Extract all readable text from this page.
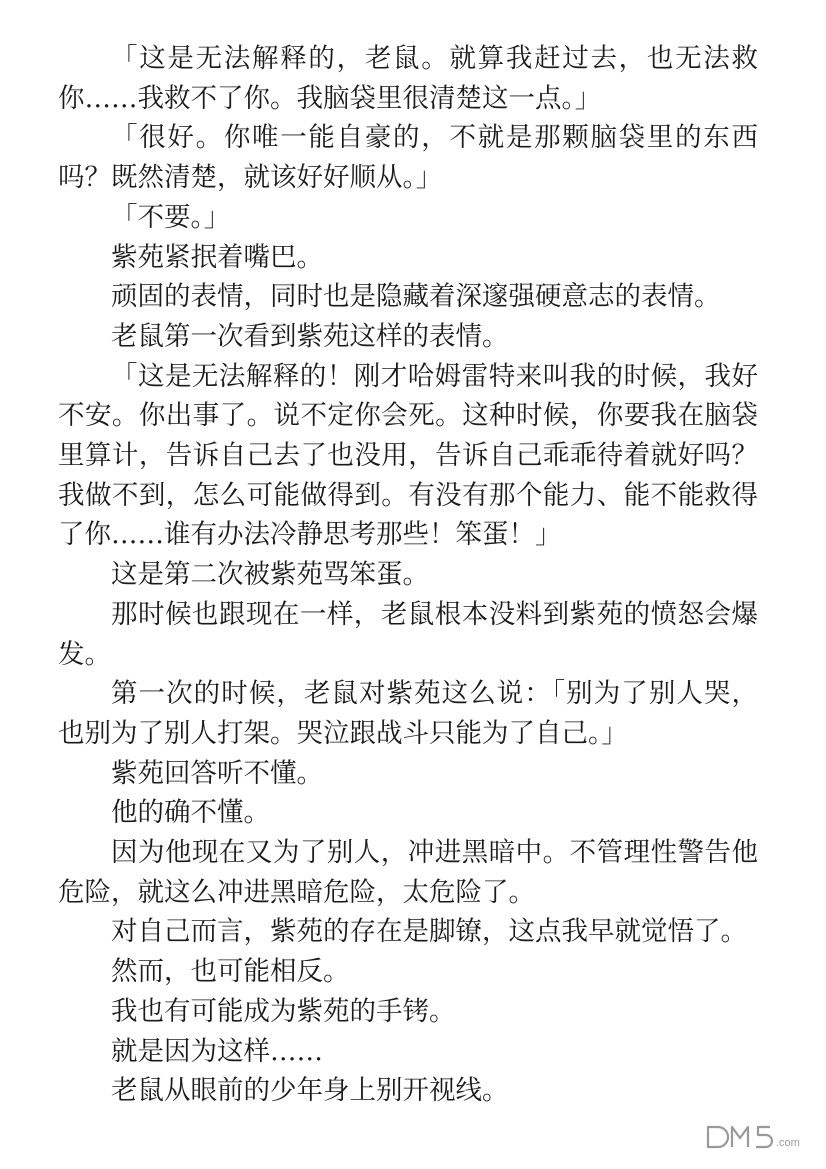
「这是无法解释的，老鼠。就算我赶过去，也无法救你……我救不了你。我脑袋里很清楚这一点。」

「很好。你唯一能自豪的，不就是那颗脑袋里的东西吗？既然清楚，就该好好顺从。」

「不要。」

紫苑紧抿着嘴巴。

顽固的表情，同时也是隐藏着深邃强硬意志的表情。

老鼠第一次看到紫苑这样的表情。

「这是无法解释的！刚才哈姆雷特来叫我的时候，我好不安。你出事了。说不定你会死。这种时候，你要我在脑袋里算计，告诉自己去了也没用，告诉自己乖乖待着就好吗？我做不到，怎么可能做得到。有没有那个能力、能不能救得了你……谁有办法冷静思考那些！笨蛋！」

这是第二次被紫苑骂笨蛋。

那时候也跟现在一样，老鼠根本没料到紫苑的愤怒会爆发。

第一次的时候，老鼠对紫苑这么说：「别为了别人哭，也别为了别人打架。哭泣跟战斗只能为了自己。」

紫苑回答听不懂。

他的确不懂。

因为他现在又为了别人，冲进黑暗中。不管理性警告他危险，就这么冲进黑暗危险，太危险了。

对自己而言，紫苑的存在是脚镣，这点我早就觉悟了。

然而，也可能相反。

我也有可能成为紫苑的手铐。

就是因为这样……

老鼠从眼前的少年身上别开视线。

.com
